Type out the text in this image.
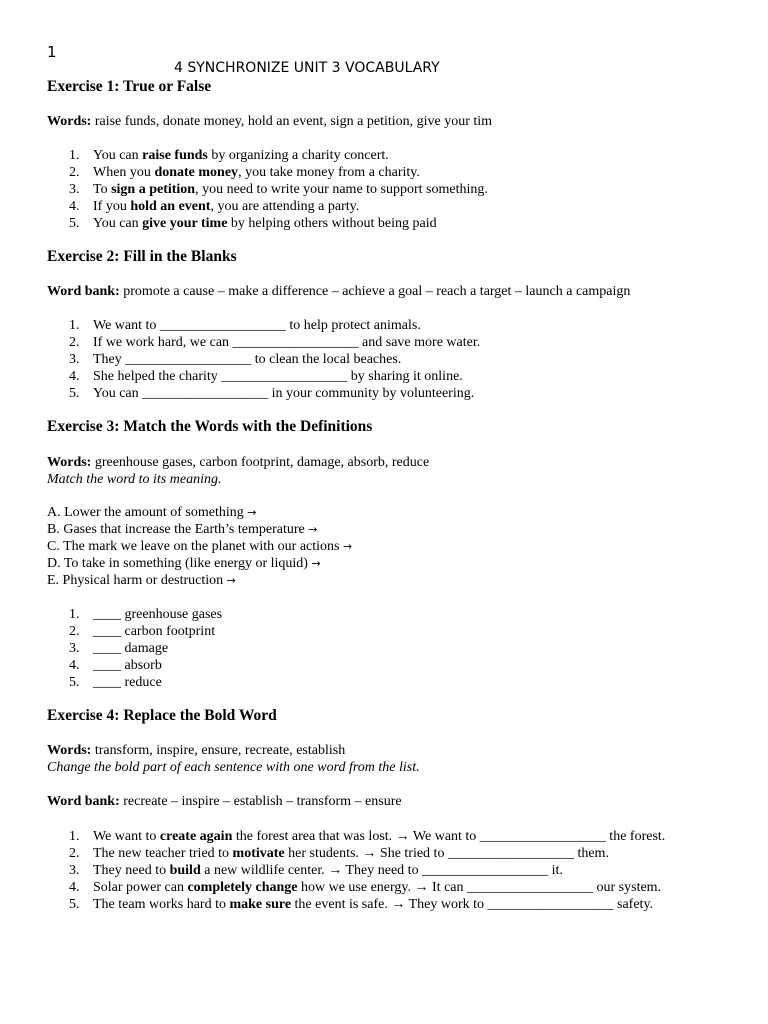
1
4 SYNCHRONIZE UNIT 3 VOCABULARY
Exercise 1: True or False
Words: raise funds, donate money, hold an event, sign a petition, give your tim
1. You can raise funds by organizing a charity concert.
2. When you donate money, you take money from a charity.
3. To sign a petition, you need to write your name to support something.
4. If you hold an event, you are attending a party.
5. You can give your time by helping others without being paid
Exercise 2: Fill in the Blanks
Word bank: promote a cause – make a difference – achieve a goal – reach a target – launch a campaign
1. We want to __________________ to help protect animals.
2. If we work hard, we can __________________ and save more water.
3. They __________________ to clean the local beaches.
4. She helped the charity __________________ by sharing it online.
5. You can __________________ in your community by volunteering.
Exercise 3: Match the Words with the Definitions
Words: greenhouse gases, carbon footprint, damage, absorb, reduce
Match the word to its meaning.
A. Lower the amount of something →
B. Gases that increase the Earth’s temperature →
C. The mark we leave on the planet with our actions →
D. To take in something (like energy or liquid) →
E. Physical harm or destruction →
1. ____ greenhouse gases
2. ____ carbon footprint
3. ____ damage
4. ____ absorb
5. ____ reduce
Exercise 4: Replace the Bold Word
Words: transform, inspire, ensure, recreate, establish
Change the bold part of each sentence with one word from the list.
Word bank: recreate – inspire – establish – transform – ensure
1. We want to create again the forest area that was lost. → We want to __________________ the forest.
2. The new teacher tried to motivate her students. → She tried to __________________ them.
3. They need to build a new wildlife center. → They need to __________________ it.
4. Solar power can completely change how we use energy. → It can __________________ our system.
5. The team works hard to make sure the event is safe. → They work to __________________ safety.
